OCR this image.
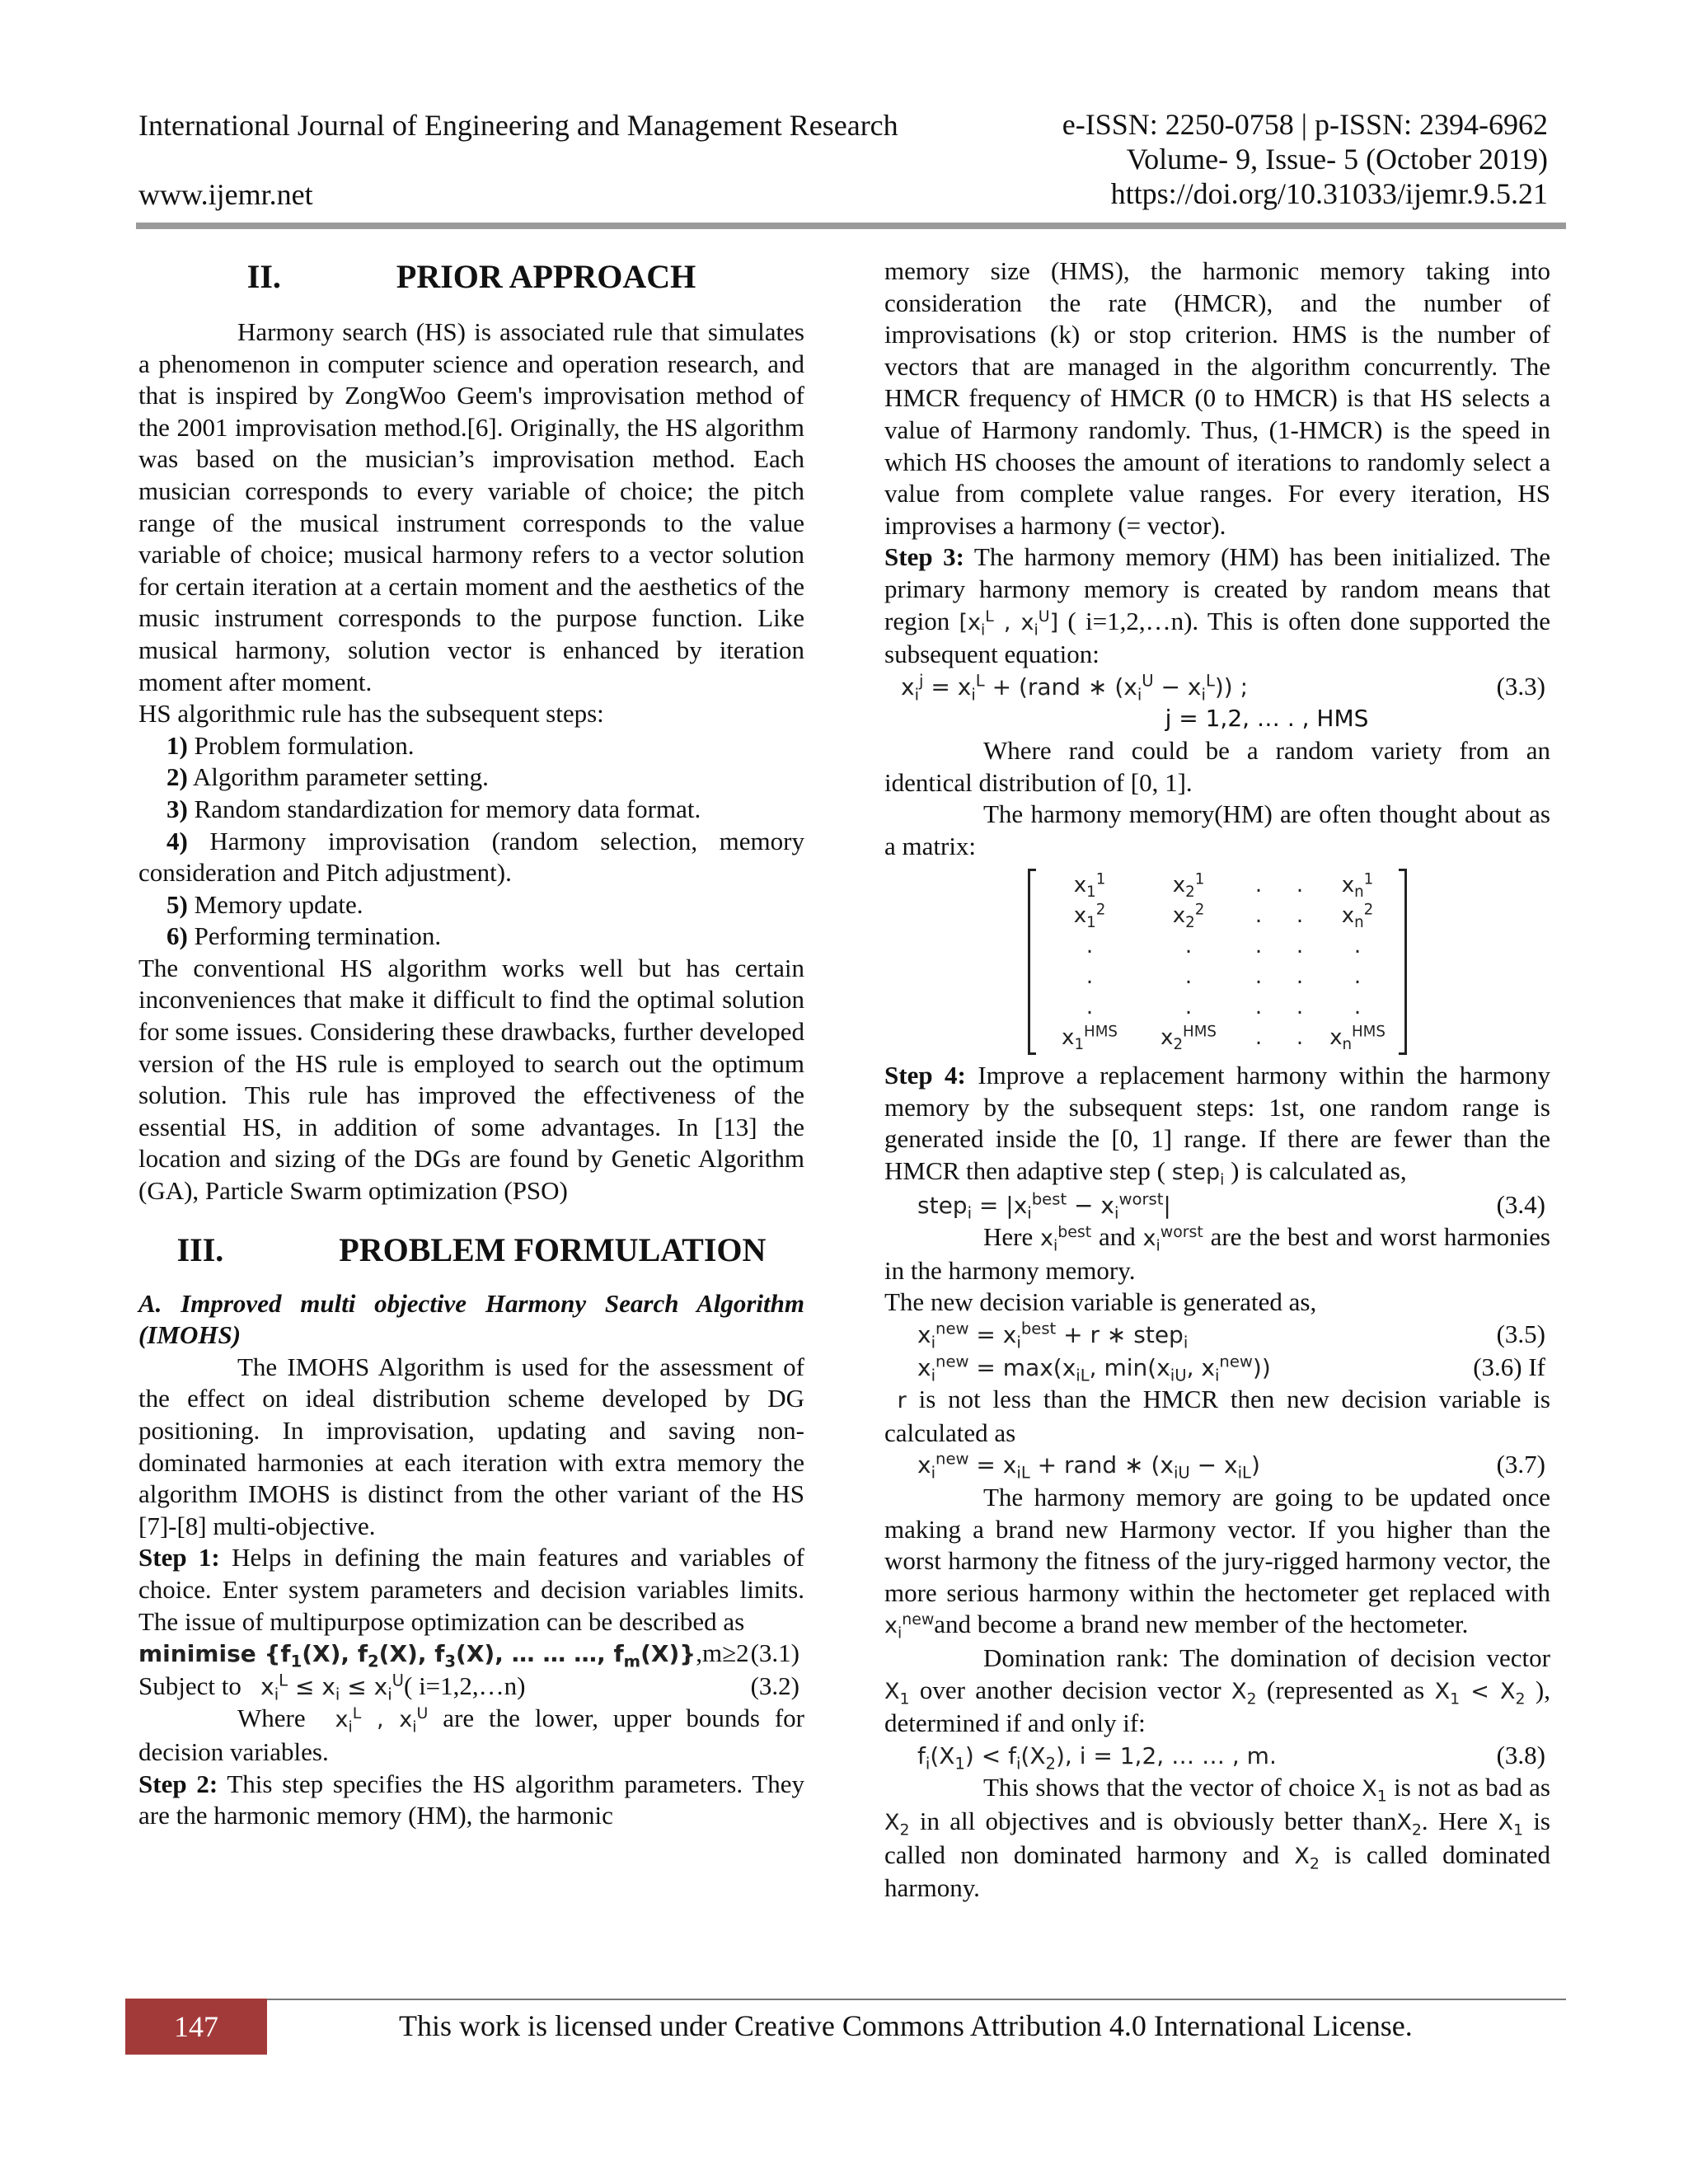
International Journal of Engineering and Management Research
www.ijemr.net
e-ISSN: 2250-0758 | p-ISSN: 2394-6962
Volume- 9, Issue- 5 (October 2019)
https://doi.org/10.31033/ijemr.9.5.21

II.	PRIOR APPROACH

Harmony search (HS) is associated rule that simulates a phenomenon in computer science and operation research, and that is inspired by ZongWoo Geem's improvisation method of the 2001 improvisation method.[6]. Originally, the HS algorithm was based on the musician’s improvisation method. Each musician corresponds to every variable of choice; the pitch range of the musical instrument corresponds to the value variable of choice; musical harmony refers to a vector solution for certain iteration at a certain moment and the aesthetics of the music instrument corresponds to the purpose function. Like musical harmony, solution vector is enhanced by iteration moment after moment.

HS algorithmic rule has the subsequent steps:

1) Problem formulation.

2) Algorithm parameter setting.

3) Random standardization for memory data format.

4) Harmony improvisation (random selection, memory consideration and Pitch adjustment).

5) Memory update.

6) Performing termination.

The conventional HS algorithm works well but has certain inconveniences that make it difficult to find the optimal solution for some issues. Considering these drawbacks, further developed version of the HS rule is employed to search out the optimum solution. This rule has improved the effectiveness of the essential HS, in addition of some advantages. In [13] the location and sizing of the DGs are found by Genetic Algorithm (GA), Particle Swarm optimization (PSO)

III.	PROBLEM FORMULATION

A. Improved multi objective Harmony Search Algorithm (IMOHS)

The IMOHS Algorithm is used for the assessment of the effect on ideal distribution scheme developed by DG positioning. In improvisation, updating and saving non-dominated harmonies at each iteration with extra memory the algorithm IMOHS is distinct from the other variant of the HS [7]-[8] multi-objective.

Step 1: Helps in defining the main features and variables of choice. Enter system parameters and decision variables limits. The issue of multipurpose optimization can be described as

minimise {$f_1(X)$, $f_2(X)$, $f_3(X)$, … … …, $f_m(X)\},m\ge 2$ (3.1)
Subject to $x_i^L \le x_i \le x_i^U$( i=1,2,…n)	(3.2)

Where $x_i^L$ , $x_i^U$ are the lower, upper bounds for decision variables.

Step 2: This step specifies the HS algorithm parameters. They are the harmonic memory (HM), the harmonic

memory size (HMS), the harmonic memory taking into consideration the rate (HMCR), and the number of improvisations (k) or stop criterion. HMS is the number of vectors that are managed in the algorithm concurrently. The HMCR frequency of HMCR (0 to HMCR) is that HS selects a value of Harmony randomly. Thus, (1-HMCR) is the speed in which HS chooses the amount of iterations to randomly select a value from complete value ranges. For every iteration, HS improvises a harmony (= vector).

Step 3: The harmony memory (HM) has been initialized. The primary harmony memory is created by random means that region [$x_i^L$ , $x_i^U$] ( i=1,2,…n). This is often done supported the subsequent equation:

$x_i^j = x_i^L$ + (rand ∗ $(x_i^U - x_i^L)$) ;	(3.3)

j = 1,2, … . , HMS

Where rand could be a random variety from an identical distribution of [0, 1].

The harmony memory(HM) are often thought about as a matrix:

$x_1^1$	$x_2^1$	.	.	$x_n^1$
$x_1^2$	$x_2^2$	.	.	$x_n^2$
.	.	.	.	.
.	.	.	.	.
.	.	.	.	.
$x_1^{HMS}$	$x_2^{HMS}$	.	.	$x_n^{HMS}$

Step 4: Improve a replacement harmony within the harmony memory by the subsequent steps: 1st, one random range is generated inside the [0, 1] range. If there are fewer than the HMCR then adaptive step ( step$_i$ ) is calculated as,

step$_i$ = $|x_i^{best} - x_i^{worst}|$	(3.4)

Here $x_i^{best}$ and $x_i^{worst}$ are the best and worst harmonies in the harmony memory.

The new decision variable is generated as,

$x_i^{new} = x_i^{best} + r$ ∗ step$_i$	(3.5)
$x_i^{new} = \max(x_{iL}$, $\min(x_{iU}$, $x_i^{new}$))	(3.6) If

r is not less than the HMCR then new decision variable is calculated as

$x_i^{new} = x_{iL}$ + rand ∗ $(x_{iU} - x_{iL})$	(3.7)

The harmony memory are going to be updated once making a brand new Harmony vector. If you higher than the worst harmony the fitness of the jury-rigged harmony vector, the more serious harmony within the hectometer get replaced with $x_i^{new}and$ become a brand new member of the hectometer.

Domination rank: The domination of decision vector $X_1$ over another decision vector $X_2$ (represented as $X_1 < X_2$ ), determined if and only if:

$f_i(X_1) < f_i(X_2)$, i = 1,2, … … , m.	(3.8)

This shows that the vector of choice $X_1$ is not as bad as $X_2$ in all objectives and is obviously better thanX$_2$. Here $X_1$ is called non dominated harmony and $X_2$ is called dominated harmony.

147	This work is licensed under Creative Commons Attribution 4.0 International License.
